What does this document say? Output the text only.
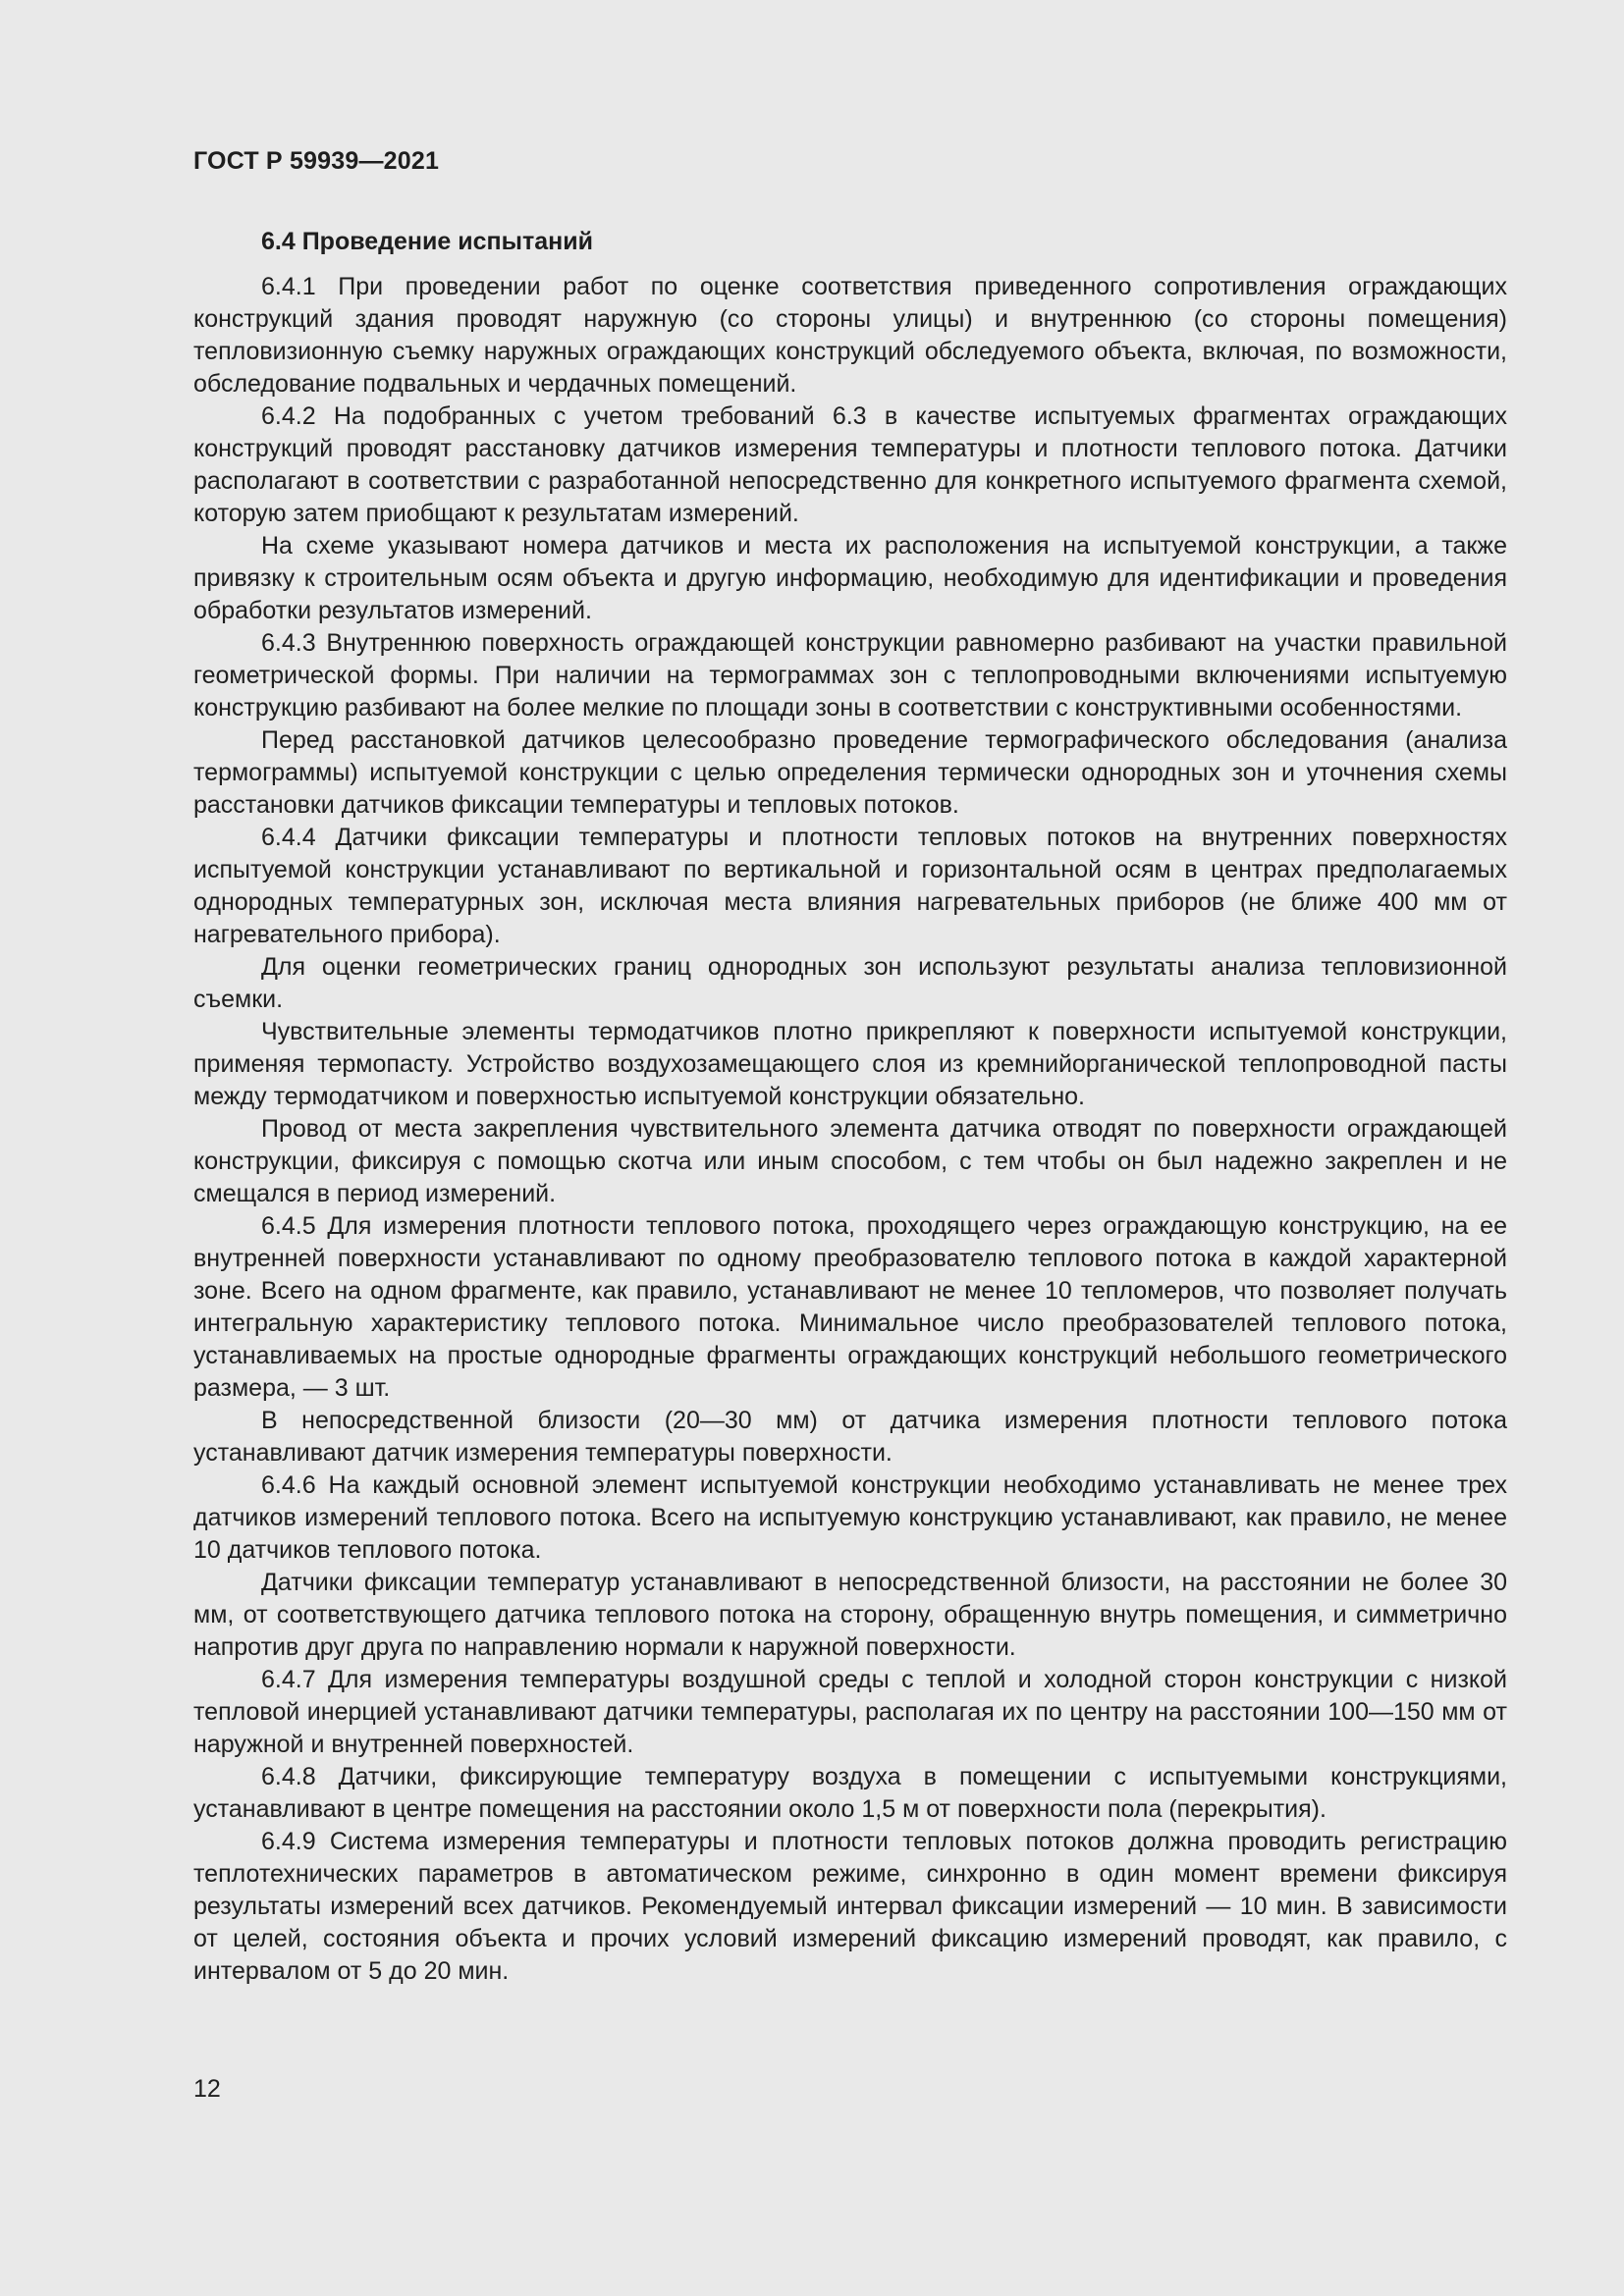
ГОСТ Р 59939—2021
6.4 Проведение испытаний

6.4.1 При проведении работ по оценке соответствия приведенного сопротивления ограждающих конструкций здания проводят наружную (со стороны улицы) и внутреннюю (со стороны помещения) тепловизионную съемку наружных ограждающих конструкций обследуемого объекта, включая, по возможности, обследование подвальных и чердачных помещений.

6.4.2 На подобранных с учетом требований 6.3 в качестве испытуемых фрагментах ограждающих конструкций проводят расстановку датчиков измерения температуры и плотности теплового потока. Датчики располагают в соответствии с разработанной непосредственно для конкретного испытуемого фрагмента схемой, которую затем приобщают к результатам измерений.

На схеме указывают номера датчиков и места их расположения на испытуемой конструкции, а также привязку к строительным осям объекта и другую информацию, необходимую для идентификации и проведения обработки результатов измерений.

6.4.3 Внутреннюю поверхность ограждающей конструкции равномерно разбивают на участки правильной геометрической формы. При наличии на термограммах зон с теплопроводными включениями испытуемую конструкцию разбивают на более мелкие по площади зоны в соответствии с конструктивными особенностями.

Перед расстановкой датчиков целесообразно проведение термографического обследования (анализа термограммы) испытуемой конструкции с целью определения термически однородных зон и уточнения схемы расстановки датчиков фиксации температуры и тепловых потоков.

6.4.4 Датчики фиксации температуры и плотности тепловых потоков на внутренних поверхностях испытуемой конструкции устанавливают по вертикальной и горизонтальной осям в центрах предполагаемых однородных температурных зон, исключая места влияния нагревательных приборов (не ближе 400 мм от нагревательного прибора).

Для оценки геометрических границ однородных зон используют результаты анализа тепловизионной съемки.

Чувствительные элементы термодатчиков плотно прикрепляют к поверхности испытуемой конструкции, применяя термопасту. Устройство воздухозамещающего слоя из кремнийорганической теплопроводной пасты между термодатчиком и поверхностью испытуемой конструкции обязательно.

Провод от места закрепления чувствительного элемента датчика отводят по поверхности ограждающей конструкции, фиксируя с помощью скотча или иным способом, с тем чтобы он был надежно закреплен и не смещался в период измерений.

6.4.5 Для измерения плотности теплового потока, проходящего через ограждающую конструкцию, на ее внутренней поверхности устанавливают по одному преобразователю теплового потока в каждой характерной зоне. Всего на одном фрагменте, как правило, устанавливают не менее 10 тепломеров, что позволяет получать интегральную характеристику теплового потока. Минимальное число преобразователей теплового потока, устанавливаемых на простые однородные фрагменты ограждающих конструкций небольшого геометрического размера, — 3 шт.

В непосредственной близости (20—30 мм) от датчика измерения плотности теплового потока устанавливают датчик измерения температуры поверхности.

6.4.6 На каждый основной элемент испытуемой конструкции необходимо устанавливать не менее трех датчиков измерений теплового потока. Всего на испытуемую конструкцию устанавливают, как правило, не менее 10 датчиков теплового потока.

Датчики фиксации температур устанавливают в непосредственной близости, на расстоянии не более 30 мм, от соответствующего датчика теплового потока на сторону, обращенную внутрь помещения, и симметрично напротив друг друга по направлению нормали к наружной поверхности.

6.4.7 Для измерения температуры воздушной среды с теплой и холодной сторон конструкции с низкой тепловой инерцией устанавливают датчики температуры, располагая их по центру на расстоянии 100—150 мм от наружной и внутренней поверхностей.

6.4.8 Датчики, фиксирующие температуру воздуха в помещении с испытуемыми конструкциями, устанавливают в центре помещения на расстоянии около 1,5 м от поверхности пола (перекрытия).

6.4.9 Система измерения температуры и плотности тепловых потоков должна проводить регистрацию теплотехнических параметров в автоматическом режиме, синхронно в один момент времени фиксируя результаты измерений всех датчиков. Рекомендуемый интервал фиксации измерений — 10 мин. В зависимости от целей, состояния объекта и прочих условий измерений фиксацию измерений проводят, как правило, с интервалом от 5 до 20 мин.

12
